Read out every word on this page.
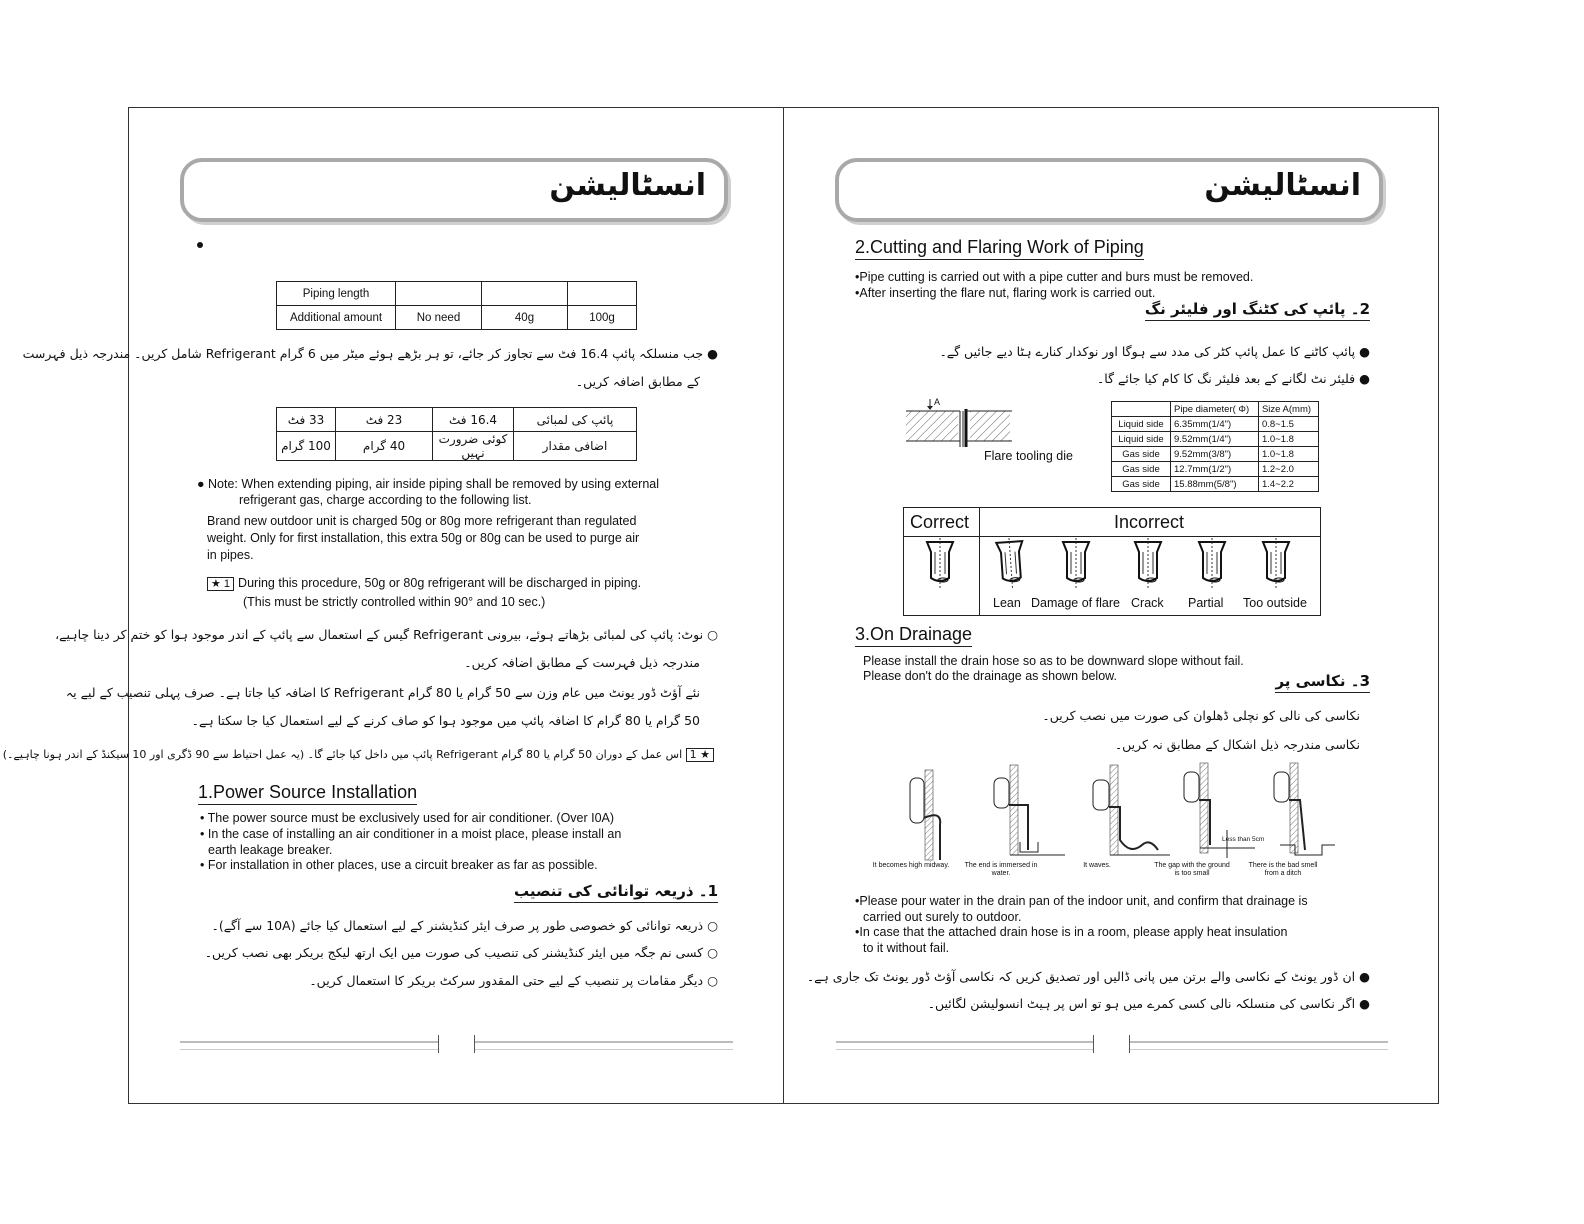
انسٹالیشن
Piping length			
Additional amount	No need	40g	100g
● جب منسلکہ پائپ 16.4 فٹ سے تجاوز کر جائے، تو ہر بڑھے ہوئے میٹر میں 6 گرام Refrigerant شامل کریں۔ مندرجہ ذیل فہرست
کے مطابق اضافہ کریں۔
33 فٹ	23 فٹ	16.4 فٹ	پائپ کی لمبائی
100 گرام	40 گرام	کوئی ضرورت نہیں	اضافی مقدار
● Note: When extending piping, air inside piping shall be removed by using external
refrigerant gas, charge according to the following list.
Brand new outdoor unit is charged 50g or 80g more refrigerant than regulated
weight. Only for first installation, this extra 50g or 80g can be used to purge air
in pipes.
★ 1 During this procedure, 50g or 80g refrigerant will be discharged in piping.
(This must be strictly controlled within 90° and 10 sec.)
○ نوٹ: پائپ کی لمبائی بڑھاتے ہوئے، بیرونی Refrigerant گیس کے استعمال سے پائپ کے اندر موجود ہوا کو ختم کر دینا چاہیے،
مندرجہ ذیل فہرست کے مطابق اضافہ کریں۔
نئے آؤٹ ڈور یونٹ میں عام وزن سے 50 گرام یا 80 گرام Refrigerant کا اضافہ کیا جاتا ہے۔ صرف پہلی تنصیب کے لیے یہ
50 گرام یا 80 گرام کا اضافہ پائپ میں موجود ہوا کو صاف کرنے کے لیے استعمال کیا جا سکتا ہے۔
★ 1 اس عمل کے دوران 50 گرام یا 80 گرام Refrigerant پائپ میں داخل کیا جائے گا۔ (یہ عمل احتیاط سے 90 ڈگری اور 10 سیکنڈ کے اندر ہونا چاہیے۔)
1.Power Source Installation
• The power source must be exclusively used for air conditioner. (Over I0A)
• In the case of installing an air conditioner in a moist place, please install an
earth leakage breaker.
• For installation in other places, use a circuit breaker as far as possible.
1۔ ذریعہ توانائی کی تنصیب
○ ذریعہ توانائی کو خصوصی طور پر صرف ایئر کنڈیشنر کے لیے استعمال کیا جائے (10A سے آگے)۔
○ کسی نم جگہ میں ایئر کنڈیشنر کی تنصیب کی صورت میں ایک ارتھ لیکج بریکر بھی نصب کریں۔
○ دیگر مقامات پر تنصیب کے لیے حتی المقدور سرکٹ بریکر کا استعمال کریں۔
انسٹالیشن
2.Cutting and Flaring Work of Piping
•Pipe cutting is carried out with a pipe cutter and burs must be removed.
•After inserting the flare nut, flaring work is carried out.
2۔ پائپ کی کٹنگ اور فلیئر نگ
● پائپ کاٹنے کا عمل پائپ کٹر کی مدد سے ہوگا اور نوکدار کنارے ہٹا دیے جائیں گے۔
● فلیئر نٹ لگانے کے بعد فلیئر نگ کا کام کیا جائے گا۔
A
Flare tooling die
	Pipe diameter( Φ)	Size A(mm)
Liquid side	6.35mm(1/4")	0.8~1.5
Liquid side	9.52mm(1/4")	1.0~1.8
Gas side	9.52mm(3/8")	1.0~1.8
Gas side	12.7mm(1/2")	1.2~2.0
Gas side	15.88mm(5/8")	1.4~2.2
Correct	Incorrect
Lean Damage of flare Crack Partial Too outside
3.On Drainage
Please install the drain hose so as to be downward slope without fail.
Please don't do the drainage as shown below.	3۔ نکاسی پر
نکاسی کی نالی کو نچلی ڈھلوان کی صورت میں نصب کریں۔
نکاسی مندرجہ ذیل اشکال کے مطابق نہ کریں۔
Less than 5cm
It becomes high midway.	The end is immersed in water.
It waves.	The gap with the ground is too small
There is the bad smell from a ditch
•Please pour water in the drain pan of the indoor unit, and confirm that drainage is
carried out surely to outdoor.
•In case that the attached drain hose is in a room, please apply heat insulation
to it without fail.
● ان ڈور یونٹ کے نکاسی والے برتن میں پانی ڈالیں اور تصدیق کریں کہ نکاسی آؤٹ ڈور یونٹ تک جاری ہے۔
● اگر نکاسی کی منسلکہ نالی کسی کمرے میں ہو تو اس پر ہیٹ انسولیشن لگائیں۔
